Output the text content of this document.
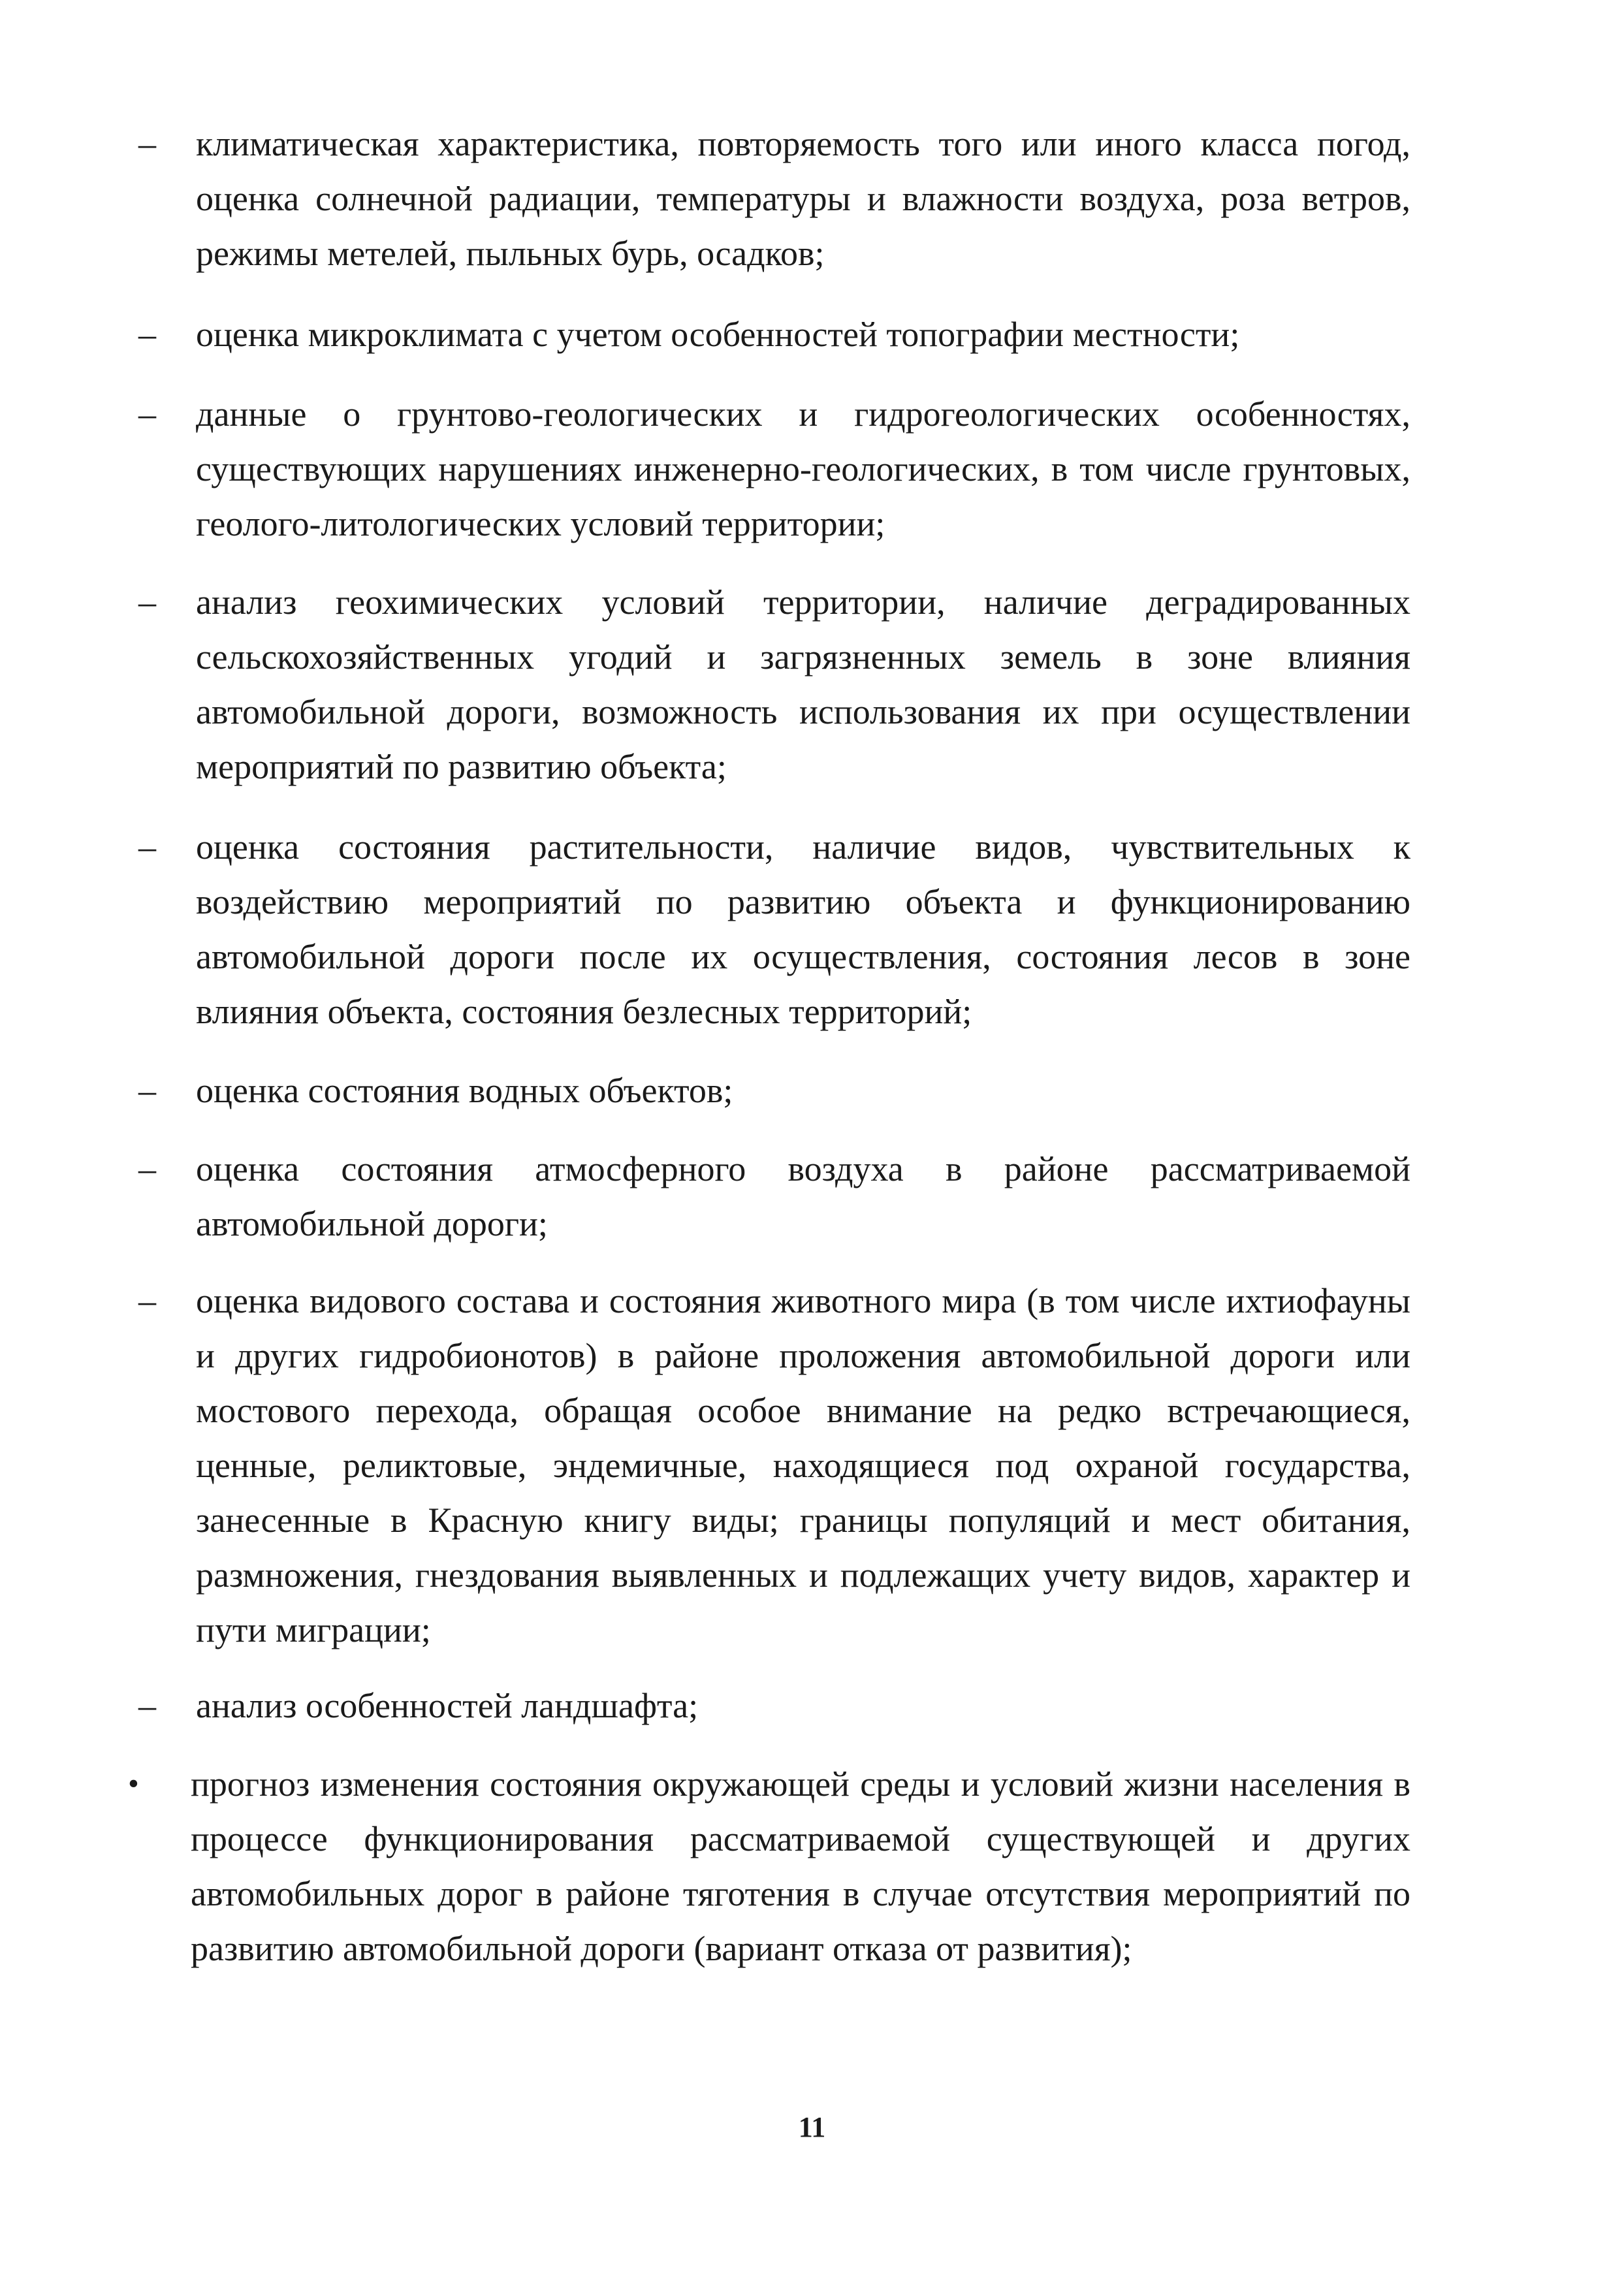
–	климатическая характеристика, повторяемость того или иного класса погод, оценка солнечной радиации, температуры и влажности воздуха, роза ветров, режимы метелей, пыльных бурь, осадков;
–	оценка микроклимата с учетом особенностей топографии местности;
–	данные о грунтово-геологических и гидрогеологических особенностях, существующих нарушениях инженерно-геологических, в том числе грунтовых, геолого-литологических условий территории;
–	анализ геохимических условий территории, наличие деградированных сельскохозяйственных угодий и загрязненных земель в зоне влияния автомобильной дороги, возможность использования их при осуществлении мероприятий по развитию объекта;
–	оценка состояния растительности, наличие видов, чувствительных к воздействию мероприятий по развитию объекта и функционированию автомобильной дороги после их осуществления, состояния лесов в зоне влияния объекта, состояния безлесных территорий;
–	оценка состояния водных объектов;
–	оценка состояния атмосферного воздуха в районе рассматриваемой автомобильной дороги;
–	оценка видового состава и состояния животного мира (в том числе ихтиофауны и других гидробионотов) в районе проложения автомобильной дороги или мостового перехода, обращая особое внимание на редко встречающиеся, ценные, реликтовые, эндемичные, находящиеся под охраной государства, занесенные в Красную книгу виды; границы популяций и мест обитания, размножения, гнездования выявленных и подлежащих учету видов, характер и пути миграции;
–	анализ особенностей ландшафта;
•	прогноз изменения состояния окружающей среды и условий жизни населения в процессе функционирования рассматриваемой существующей и других автомобильных дорог в районе тяготения в случае отсутствия мероприятий по развитию автомобильной дороги (вариант отказа от развития);
11
